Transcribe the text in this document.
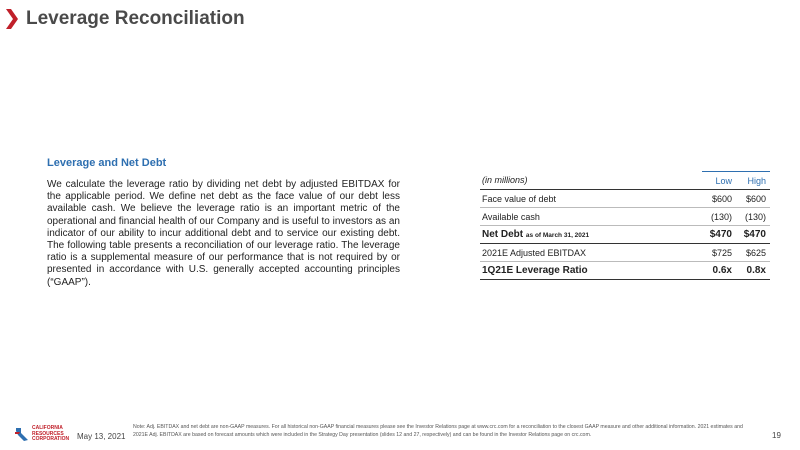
Leverage Reconciliation
Leverage and Net Debt
We calculate the leverage ratio by dividing net debt by adjusted EBITDAX for the applicable period. We define net debt as the face value of our debt less available cash. We believe the leverage ratio is an important metric of the operational and financial health of our Company and is useful to investors as an indicator of our ability to incur additional debt and to service our existing debt. The following table presents a reconciliation of our leverage ratio. The leverage ratio is a supplemental measure of our performance that is not required by or presented in accordance with U.S. generally accepted accounting principles (“GAAP”).
(in millions)	Low	High
Face value of debt	$600	$600
Available cash	(130)	(130)
Net Debt as of March 31, 2021	$470	$470
2021E Adjusted EBITDAX	$725	$625
1Q21E Leverage Ratio	0.6x	0.8x
CALIFORNIA
RESOURCES
CORPORATION May 13, 2021
Note: Adj. EBITDAX and net debt are non-GAAP measures. For all historical non-GAAP financial measures please see the Investor Relations page at www.crc.com for a reconciliation to the closest GAAP measure and other additional information. 2021 estimates and 2021E Adj. EBITDAX are based on forecast amounts which were included in the Strategy Day presentation (slides 12 and 27, respectively) and can be found in the Investor Relations page on crc.com.	19
